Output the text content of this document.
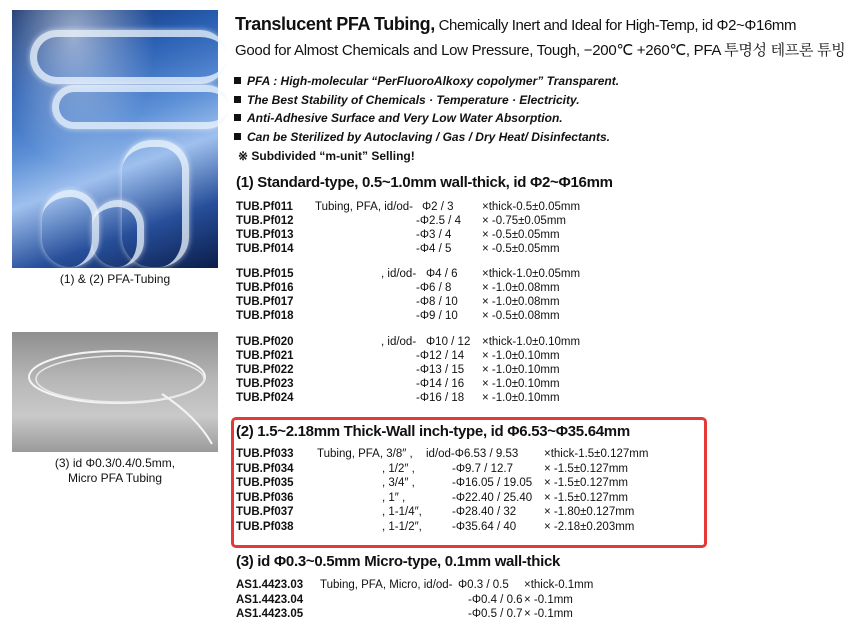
(1) & (2) PFA-Tubing
(3) id Φ0.3/0.4/0.5mm,
Micro PFA Tubing
Translucent PFA Tubing, Chemically Inert and Ideal for High-Temp, id Φ2~Φ16mm
Good for Almost Chemicals and Low Pressure, Tough, −200℃ +260℃, PFA 투명성 테프론 튜빙
PFA : High-molecular “PerFluoroAlkoxy copolymer” Transparent.
The Best Stability of Chemicals · Temperature · Electricity.
Anti-Adhesive Surface and Very Low Water Absorption.
Can be Sterilized by Autoclaving / Gas / Dry Heat/ Disinfectants.
※ Subdivided “m-unit” Selling!
(1) Standard-type, 0.5~1.0mm wall-thick, id Φ2~Φ16mm
(2) 1.5~2.18mm Thick-Wall inch-type, id Φ6.53~Φ35.64mm
(3) id Φ0.3~0.5mm Micro-type, 0.1mm wall-thick
TUB.Pf011 Tubing, PFA, id/od- Φ2 / 3 ×thick-0.5±0.05mm
TUB.Pf012	-Φ2.5 / 4 × -0.75±0.05mm
TUB.Pf013	-Φ3 / 4	× -0.5±0.05mm
TUB.Pf014	-Φ4 / 5	× -0.5±0.05mm
TUB.Pf015	, id/od- Φ4 / 6 ×thick-1.0±0.05mm
TUB.Pf016	-Φ6 / 8	× -1.0±0.08mm
TUB.Pf017	-Φ8 / 10 × -1.0±0.08mm
TUB.Pf018	-Φ9 / 10 × -0.5±0.08mm
TUB.Pf020	, id/od- Φ10 / 12 ×thick-1.0±0.10mm
TUB.Pf021	-Φ12 / 14 × -1.0±0.10mm
TUB.Pf022	-Φ13 / 15 × -1.0±0.10mm
TUB.Pf023	-Φ14 / 16 × -1.0±0.10mm
TUB.Pf024	-Φ16 / 18 × -1.0±0.10mm
TUB.Pf033 Tubing, PFA, 3/8″ , id/od-Φ6.53 / 9.53 ×thick-1.5±0.127mm
TUB.Pf034	, 1/2″ ,	-Φ9.7 / 12.7	× -1.5±0.127mm
TUB.Pf035	, 3/4″ ,	-Φ16.05 / 19.05 × -1.5±0.127mm
TUB.Pf036	, 1″ ,	-Φ22.40 / 25.40 × -1.5±0.127mm
TUB.Pf037	, 1-1/4″,	-Φ28.40 / 32 × -1.80±0.127mm
TUB.Pf038	, 1-1/2″,	-Φ35.64 / 40 × -2.18±0.203mm
AS1.4423.03 Tubing, PFA, Micro, id/od- Φ0.3 / 0.5 ×thick-0.1mm
AS1.4423.04	-Φ0.4 / 0.6 × -0.1mm
AS1.4423.05	-Φ0.5 / 0.7 × -0.1mm
